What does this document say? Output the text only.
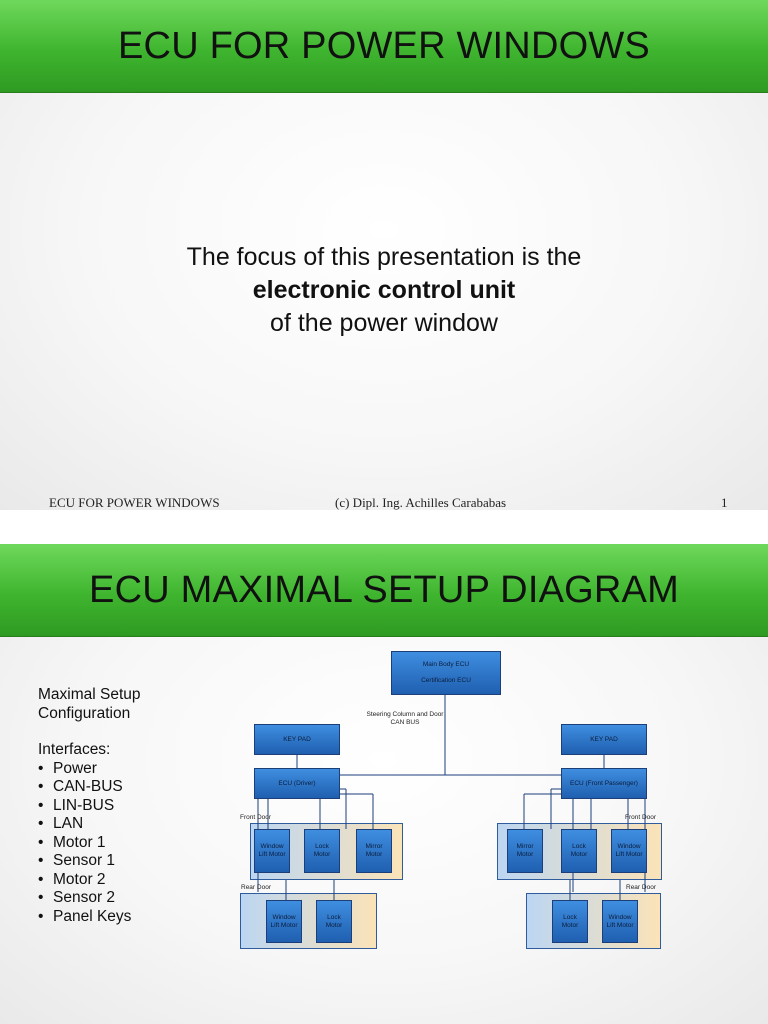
ECU FOR POWER WINDOWS
The focus of this presentation is the
electronic control unit
of the power window
ECU FOR POWER WINDOWS	(c) Dipl. Ing. Achilles Carababas	1
ECU MAXIMAL SETUP DIAGRAM
Maximal Setup
Configuration
Interfaces:
• Power
• CAN-BUS
• LIN-BUS
• LAN
• Motor 1
• Sensor 1
• Motor 2
• Sensor 2
• Panel Keys
Main Body ECU
Certification ECU
Steering Column and Door
CAN BUS
KEY PAD	KEY PAD
ECU (Driver)	ECU (Front Passenger)
Front Door	Front Door
Rear Door	Rear Door
Window
Lift Motor
Lock
Motor
Mirror
Motor
Window
Lift Motor
Lock
Motor
Mirror
Motor
Lock
Motor
Window
Lift Motor
Lock
Motor
Window
Lift Motor
